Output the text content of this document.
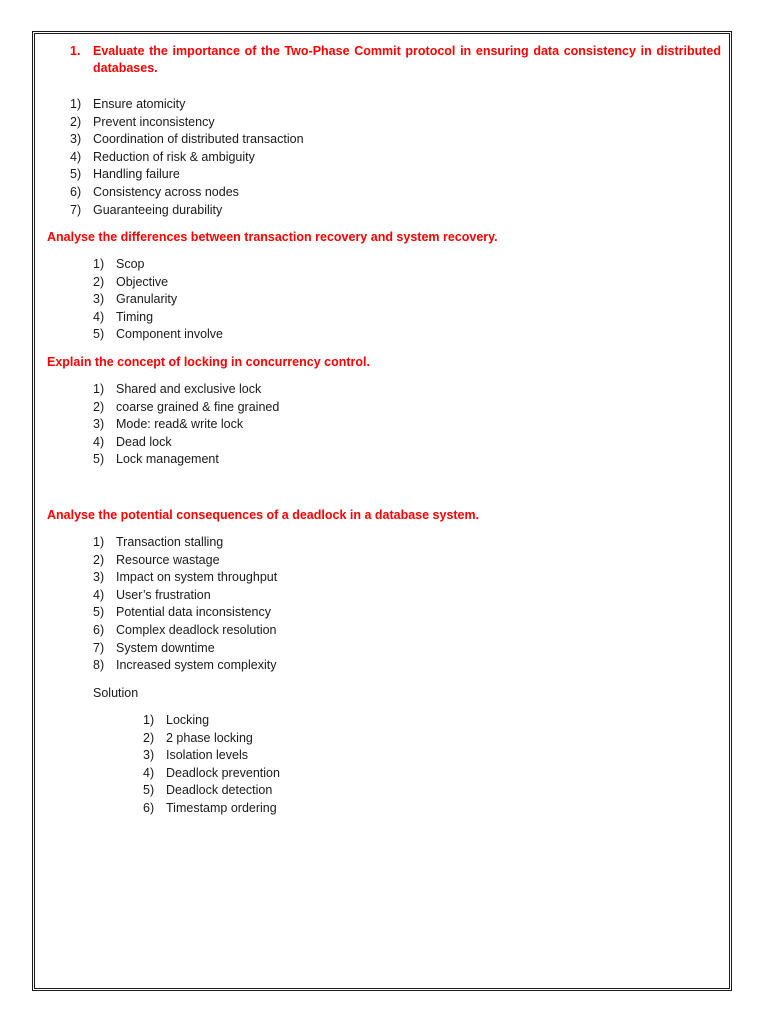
1.	Evaluate the importance of the Two-Phase Commit protocol in ensuring data consistency in distributed databases.
1) Ensure atomicity
2) Prevent inconsistency
3) Coordination of distributed transaction
4) Reduction of risk & ambiguity
5) Handling failure
6) Consistency across nodes
7) Guaranteeing durability
Analyse the differences between transaction recovery and system recovery.
1) Scop
2) Objective
3) Granularity
4) Timing
5) Component involve
Explain the concept of locking in concurrency control.
1) Shared and exclusive lock
2) coarse grained & fine grained
3) Mode: read& write lock
4) Dead lock
5) Lock management
Analyse the potential consequences of a deadlock in a database system.
1) Transaction stalling
2) Resource wastage
3) Impact on system throughput
4) User’s frustration
5) Potential data inconsistency
6) Complex deadlock resolution
7) System downtime
8) Increased system complexity

Solution

1) Locking
2) 2 phase locking
3) Isolation levels
4) Deadlock prevention
5) Deadlock detection
6) Timestamp ordering
